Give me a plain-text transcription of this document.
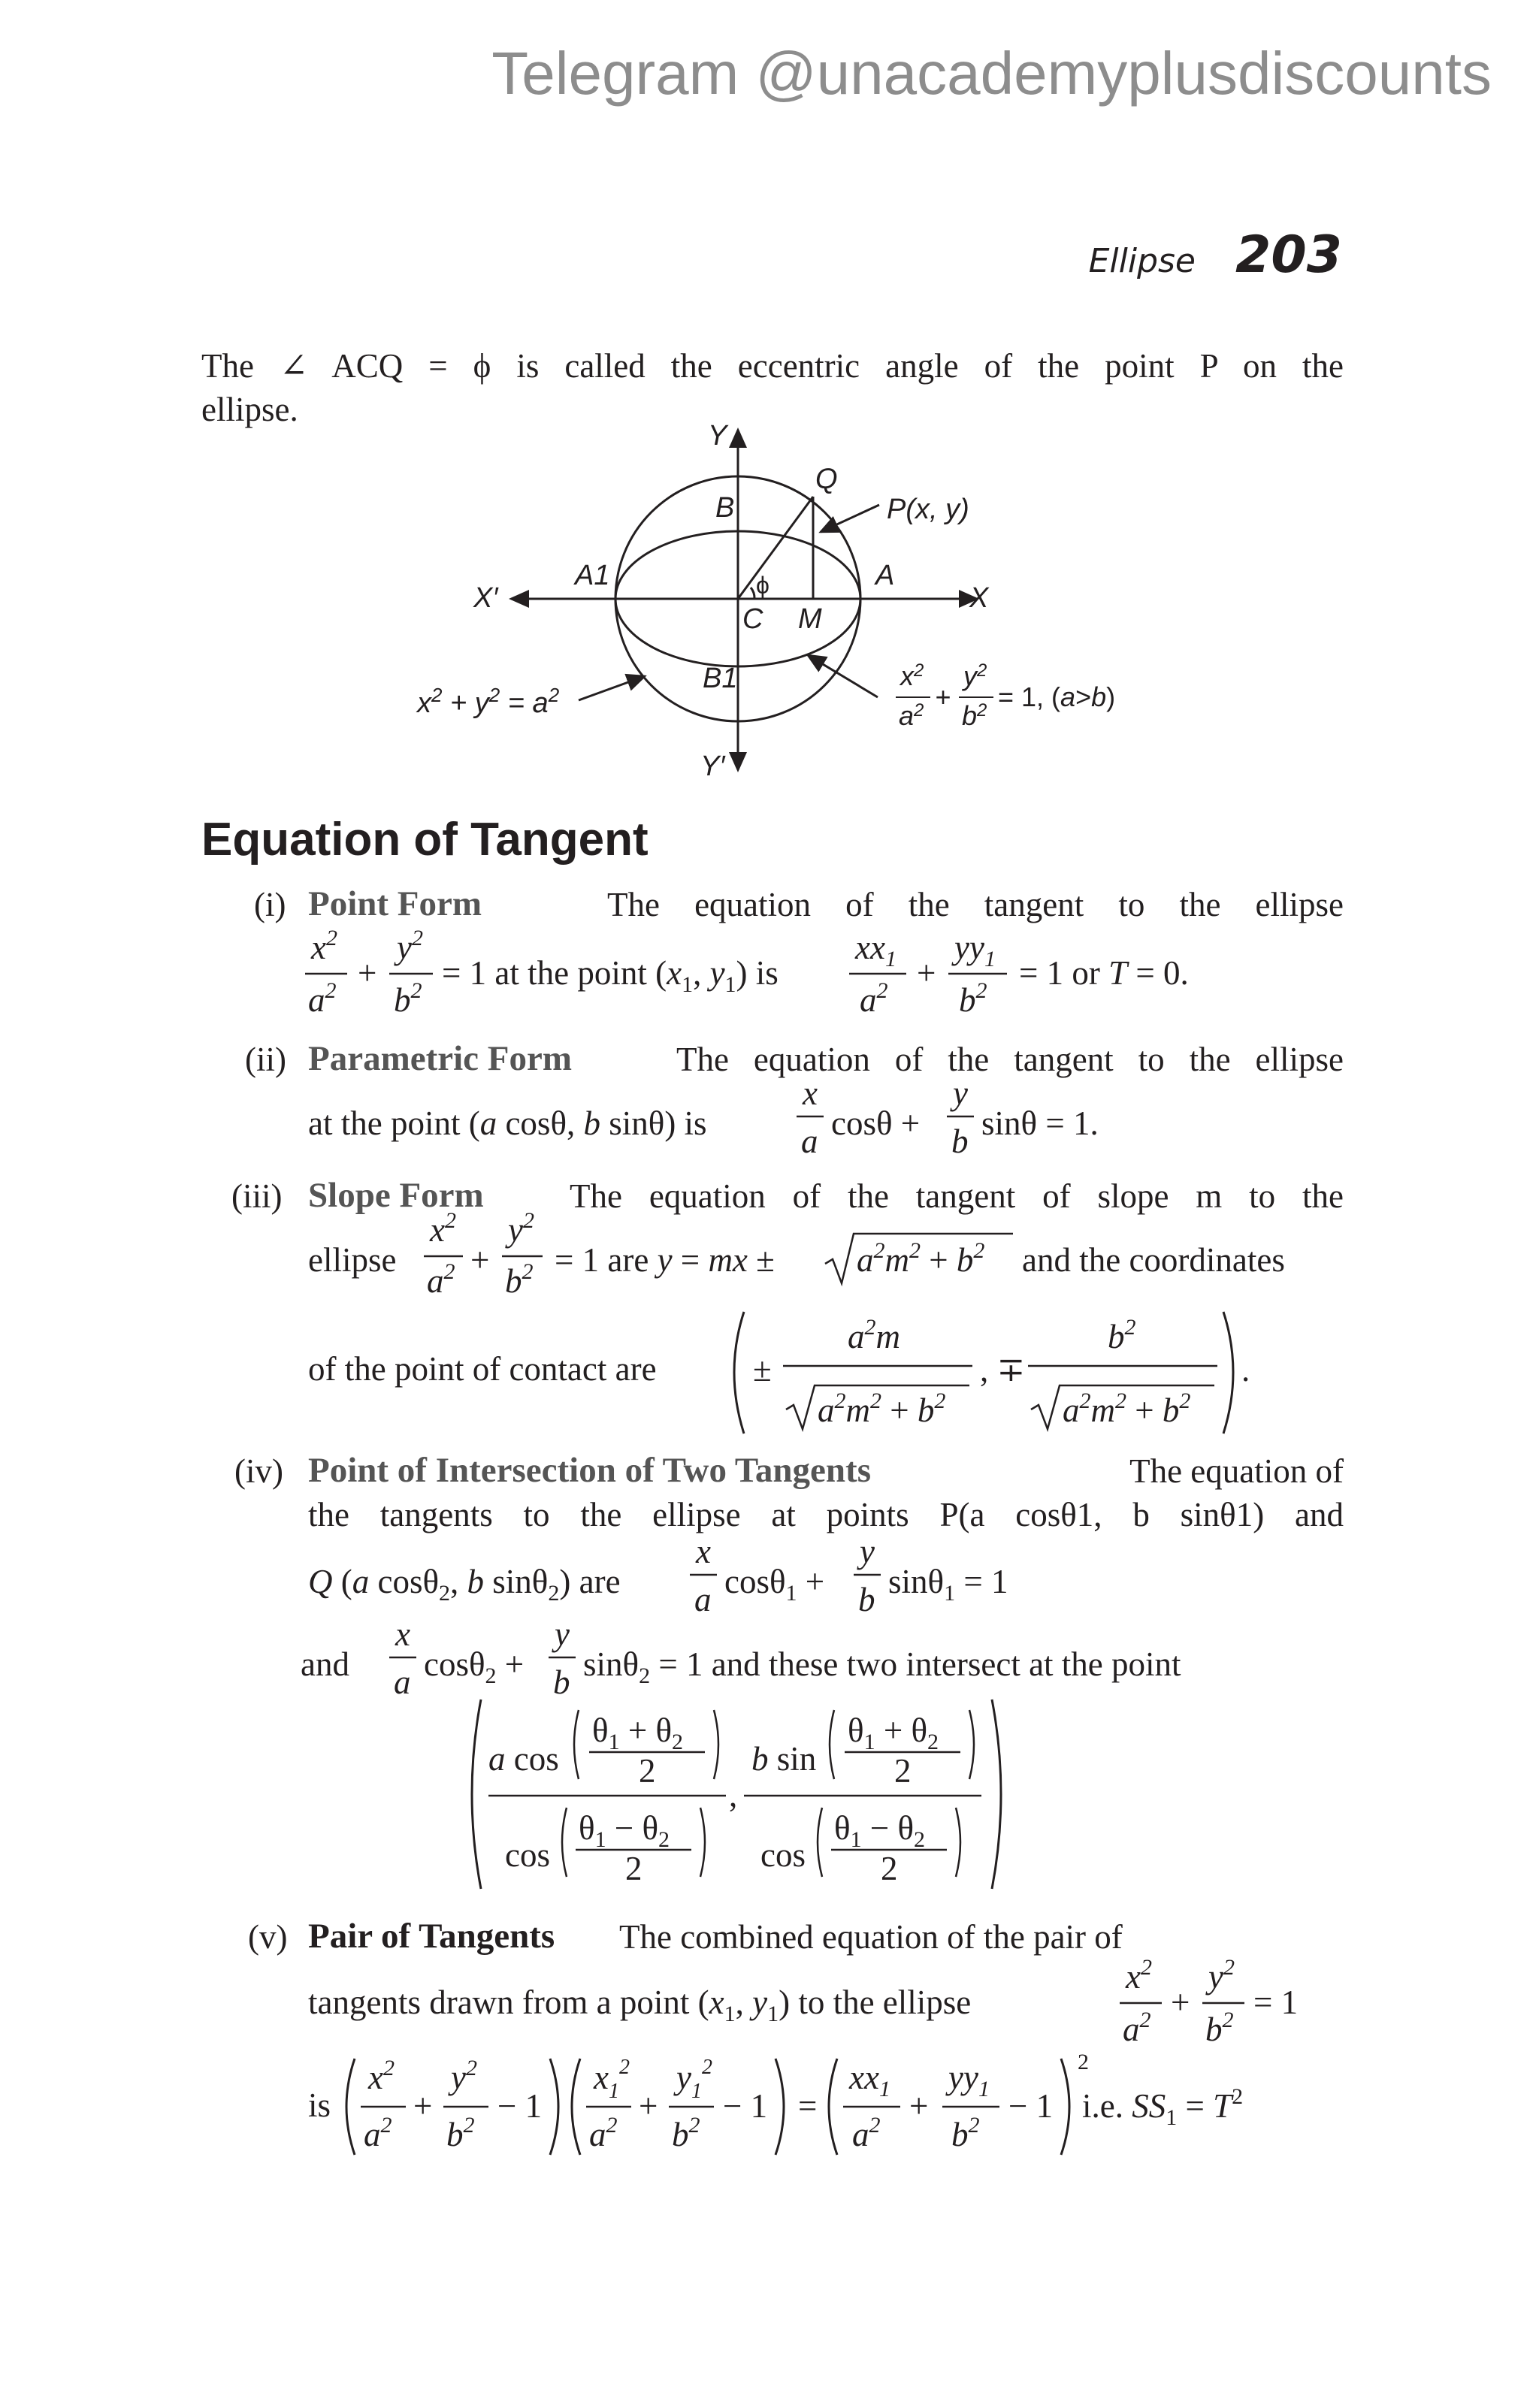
Telegram @unacademyplusdiscounts
Ellipse 203
The ∠ ACQ = ϕ is called the eccentric angle of the point P on the
ellipse.
Y
Y′
X
X′
Q
P(x, y)
B
A1	A
C M
B1
ϕ
$x^2 + y^2 = a^2$
$x^2$
$a^2$ +
$y^2$
$b^2 = 1$, (a>b)
Equation of Tangent
(i) Point Form	The equation of the tangent to the ellipse
$x^2$
$a^2$ +
$y^2$
$b^2 = 1$ at the point ($x_1$, $y_1$) is
$xx_1$
$a^2$ +
$yy_1$
$b^2 = 1$ or T = 0.
(ii) Parametric Form	The equation of the tangent to the ellipse
at the point (a cosθ, b sinθ) is
x
a cosθ +
y
b sinθ = 1.
(iii) Slope Form	The equation of the tangent of slope m to the
ellipse
$x^2$
$a^2$ +
$y^2$
$b^2 = 1$ are y = mx ± $a^2m^2 + b^2$ and the coordinates
of the point of contact are	±
$a^2m$
$a^2m^2 + b^2$
, ∓
$b^2$
$a^2m^2 + b^2$
.
(iv) Point of Intersection of Two Tangents	The equation of
the tangents to the ellipse at points P(a cosθ1, b sinθ1) and
Q (a cosθ$_2$, b sinθ$_2$) are
x
a cosθ$_1$ +
y
b sinθ$_1$ = 1
and
x
a cosθ$_2$ +
y
b sinθ$_2$ = 1 and these two intersect at the point
a cos
$\theta_1 + \theta_2$
2
cos
$\theta_1 - \theta_2$
2
,
b sin
$\theta_1 + \theta_2$
2
cos
$\theta_1 - \theta_2$
2
(v) Pair of Tangents The combined equation of the pair of
tangents drawn from a point ($x_1$, $y_1$) to the ellipse
$x^2$
$a^2$ +
$y^2$
$b^2 = 1$
is
$x^2$
$a^2$
+
$y^2$
$b^2$
− 1
$x_1^2$
$a^2$
+
$y_1^2$
$b^2$
− 1 =
$xx_1$
$a^2$
+
$yy_1$
$b^2$
− 1
2
i.e. $SS_1 = T^2$
